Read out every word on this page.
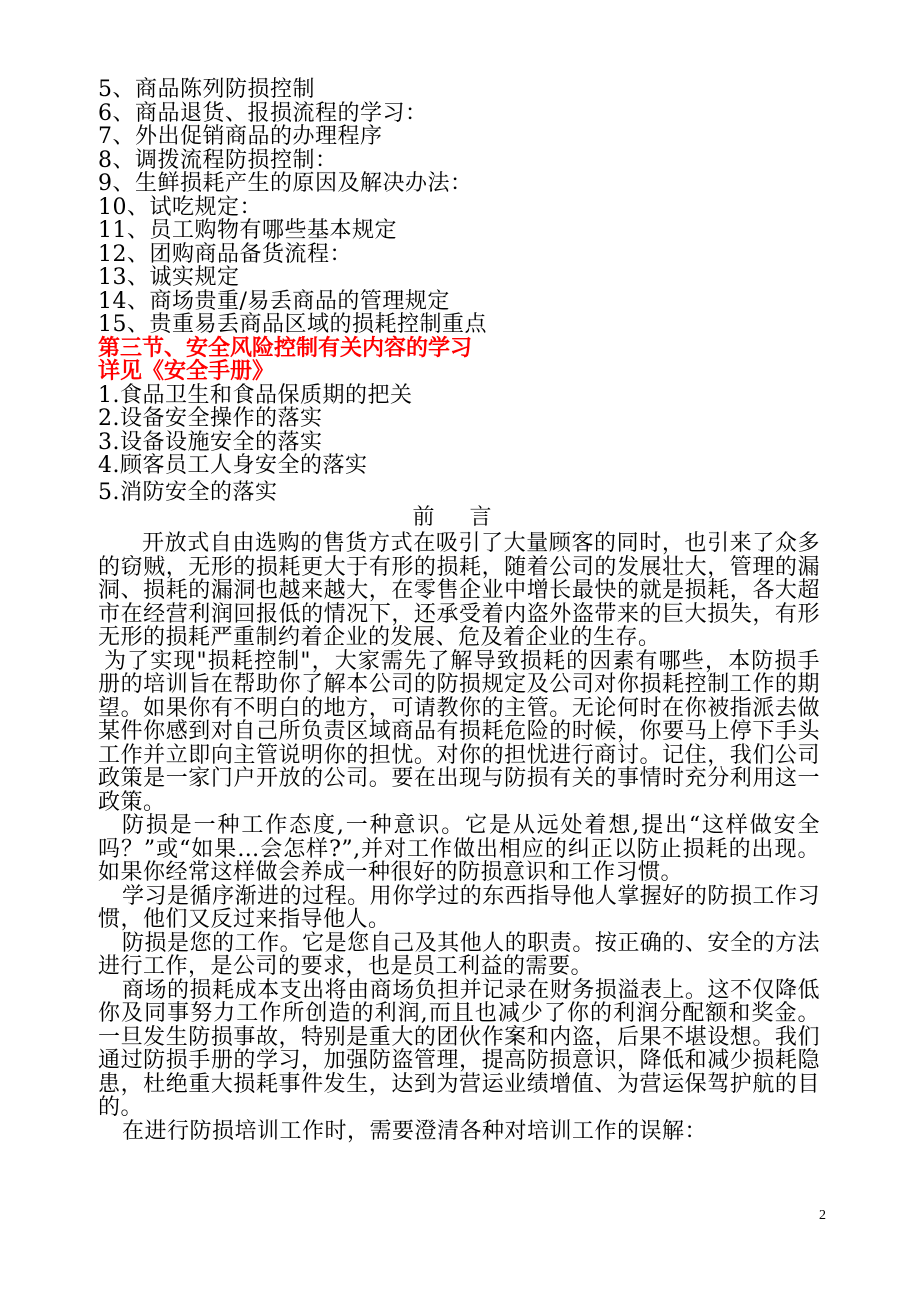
5、商品陈列防损控制
6、商品退货、报损流程的学习：
7、外出促销商品的办理程序
8、调拨流程防损控制：
9、生鲜损耗产生的原因及解决办法：
10、试吃规定：
11、员工购物有哪些基本规定
12、团购商品备货流程：
13、诚实规定
14、商场贵重/易丢商品的管理规定
15、贵重易丢商品区域的损耗控制重点
第三节、安全风险控制有关内容的学习
详见《安全手册》
1.食品卫生和食品保质期的把关
2.设备安全操作的落实
3.设备设施安全的落实
4.顾客员工人身安全的落实
5.消防安全的落实
前 言

开放式自由选购的售货方式在吸引了大量顾客的同时，也引来了众多的窃贼，无形的损耗更大于有形的损耗，随着公司的发展壮大，管理的漏洞、损耗的漏洞也越来越大，在零售企业中增长最快的就是损耗，各大超市在经营利润回报低的情况下，还承受着内盗外盗带来的巨大损失，有形无形的损耗严重制约着企业的发展、危及着企业的生存。

为了实现"损耗控制"，大家需先了解导致损耗的因素有哪些，本防损手册的培训旨在帮助你了解本公司的防损规定及公司对你损耗控制工作的期望。如果你有不明白的地方，可请教你的主管。无论何时在你被指派去做某件你感到对自己所负责区域商品有损耗危险的时候，你要马上停下手头工作并立即向主管说明你的担忧。对你的担忧进行商讨。记住，我们公司政策是一家门户开放的公司。要在出现与防损有关的事情时充分利用这一政策。

防损是一种工作态度,一种意识。它是从远处着想,提出“这样做安全吗？”或“如果…会怎样?”,并对工作做出相应的纠正以防止损耗的出现。如果你经常这样做会养成一种很好的防损意识和工作习惯。

学习是循序渐进的过程。用你学过的东西指导他人掌握好的防损工作习惯，他们又反过来指导他人。

防损是您的工作。它是您自己及其他人的职责。按正确的、安全的方法进行工作，是公司的要求，也是员工利益的需要。

商场的损耗成本支出将由商场负担并记录在财务损溢表上。这不仅降低你及同事努力工作所创造的利润,而且也减少了你的利润分配额和奖金。一旦发生防损事故，特别是重大的团伙作案和内盗，后果不堪设想。我们通过防损手册的学习，加强防盗管理，提高防损意识，降低和减少损耗隐患，杜绝重大损耗事件发生，达到为营运业绩增值、为营运保驾护航的目的。

在进行防损培训工作时，需要澄清各种对培训工作的误解：

2
